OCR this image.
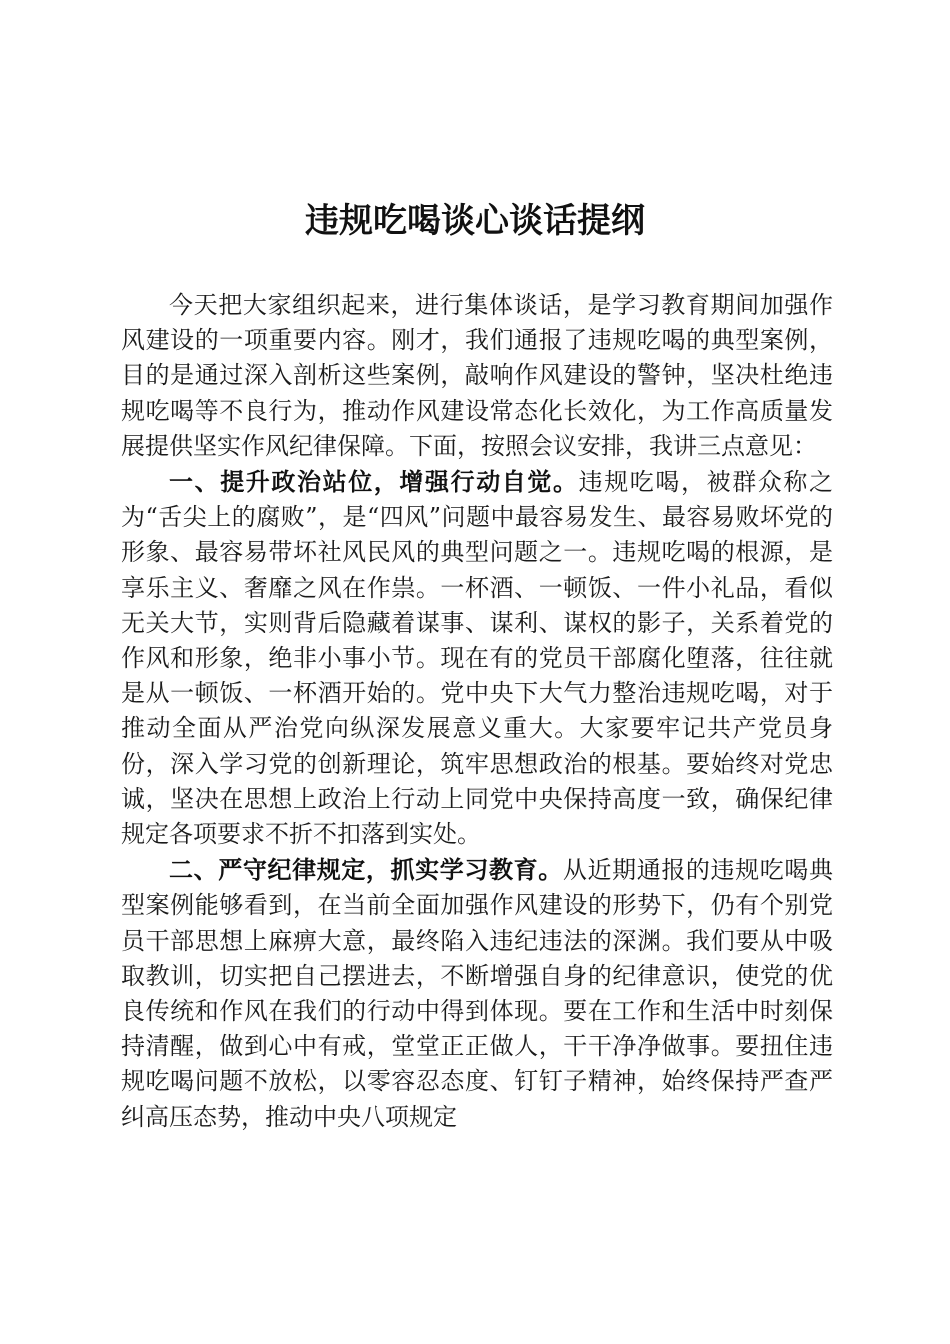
违规吃喝谈心谈话提纲

今天把大家组织起来，进行集体谈话，是学习教育期间加强作风建设的一项重要内容。刚才，我们通报了违规吃喝的典型案例，目的是通过深入剖析这些案例，敲响作风建设的警钟，坚决杜绝违规吃喝等不良行为，推动作风建设常态化长效化，为工作高质量发展提供坚实作风纪律保障。下面，按照会议安排，我讲三点意见：

一、提升政治站位，增强行动自觉。违规吃喝，被群众称之为“舌尖上的腐败”，是“四风”问题中最容易发生、最容易败坏党的形象、最容易带坏社风民风的典型问题之一。违规吃喝的根源，是享乐主义、奢靡之风在作祟。一杯酒、一顿饭、一件小礼品，看似无关大节，实则背后隐藏着谋事、谋利、谋权的影子，关系着党的作风和形象，绝非小事小节。现在有的党员干部腐化堕落，往往就是从一顿饭、一杯酒开始的。党中央下大气力整治违规吃喝，对于推动全面从严治党向纵深发展意义重大。大家要牢记共产党员身份，深入学习党的创新理论，筑牢思想政治的根基。要始终对党忠诚，坚决在思想上政治上行动上同党中央保持高度一致，确保纪律规定各项要求不折不扣落到实处。

二、严守纪律规定，抓实学习教育。从近期通报的违规吃喝典型案例能够看到，在当前全面加强作风建设的形势下，仍有个别党员干部思想上麻痹大意，最终陷入违纪违法的深渊。我们要从中吸取教训，切实把自己摆进去，不断增强自身的纪律意识，使党的优良传统和作风在我们的行动中得到体现。要在工作和生活中时刻保持清醒，做到心中有戒，堂堂正正做人，干干净净做事。要扭住违规吃喝问题不放松，以零容忍态度、钉钉子精神，始终保持严查严纠高压态势，推动中央八项规定
